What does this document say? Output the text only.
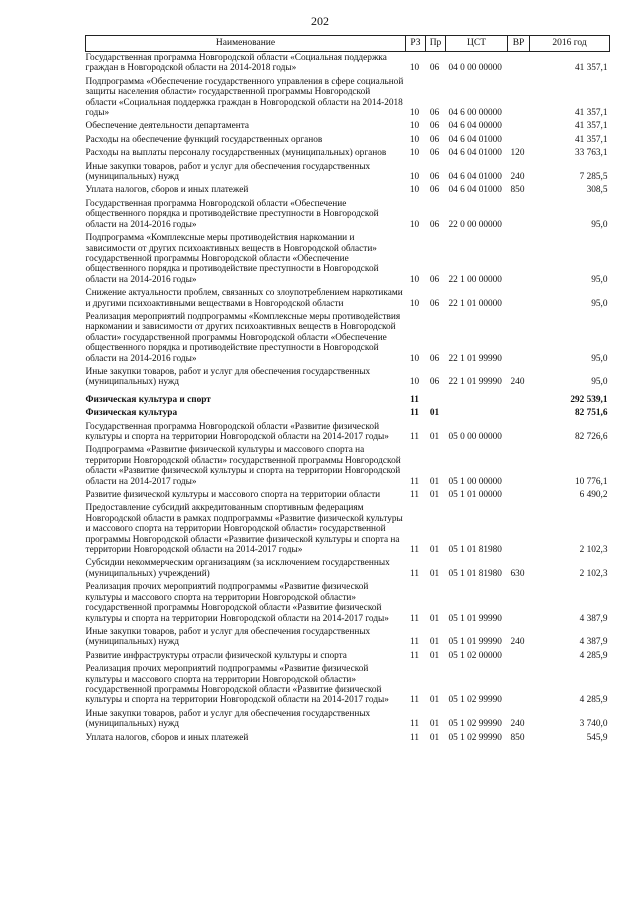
202
Наименование	РЗ	Пр	ЦСТ	ВР	2016 год
Государственная программа Новгородской области «Социальная поддержка граждан в Новгородской области на 2014-2018 годы»	10	06	04 0 00 00000		41 357,1
Подпрограмма «Обеспечение государственного управления в сфере социальной защиты населения области» государственной программы Новгородской области «Социальная поддержка граждан в Новгородской области на 2014-2018 годы»	10	06	04 6 00 00000		41 357,1
Обеспечение деятельности департамента	10	06	04 6 04 00000		41 357,1
Расходы на обеспечение функций государственных органов	10	06	04 6 04 01000		41 357,1
Расходы на выплаты персоналу государственных (муниципальных) органов	10	06	04 6 04 01000	120	33 763,1
Иные закупки товаров, работ и услуг для обеспечения государственных (муниципальных) нужд	10	06	04 6 04 01000	240	7 285,5
Уплата налогов, сборов и иных платежей	10	06	04 6 04 01000	850	308,5
Государственная программа Новгородской области «Обеспечение общественного порядка и противодействие преступности в Новгородской области на 2014-2016 годы»	10	06	22 0 00 00000		95,0
Подпрограмма «Комплексные меры противодействия наркомании и зависимости от других психоактивных веществ в Новгородской области» государственной программы Новгородской области «Обеспечение общественного порядка и противодействие преступности в Новгородской области на 2014-2016 годы»	10	06	22 1 00 00000		95,0
Снижение актуальности проблем, связанных со злоупотреблением наркотиками и другими психоактивными веществами в Новгородской области	10	06	22 1 01 00000		95,0
Реализация мероприятий подпрограммы «Комплексные меры противодействия наркомании и зависимости от других психоактивных веществ в Новгородской области» государственной программы Новгородской области «Обеспечение общественного порядка и противодействие преступности в Новгородской области на 2014-2016 годы»	10	06	22 1 01 99990		95,0
Иные закупки товаров, работ и услуг для обеспечения государственных (муниципальных) нужд	10	06	22 1 01 99990	240	95,0
Физическая культура и спорт	11				292 539,1
Физическая культура	11	01			82 751,6
Государственная программа Новгородской области «Развитие физической культуры и спорта на территории Новгородской области на 2014-2017 годы»	11	01	05 0 00 00000		82 726,6
Подпрограмма «Развитие физической культуры и массового спорта на территории Новгородской области» государственной программы Новгородской области «Развитие физической культуры и спорта на территории Новгородской области на 2014-2017 годы»	11	01	05 1 00 00000		10 776,1
Развитие физической культуры и массового спорта на территории области	11	01	05 1 01 00000		6 490,2
Предоставление субсидий аккредитованным спортивным федерациям Новгородской области в рамках подпрограммы «Развитие физической культуры и массового спорта на территории Новгородской области» государственной программы Новгородской области «Развитие физической культуры и спорта на территории Новгородской области на 2014-2017 годы»	11	01	05 1 01 81980		2 102,3
Субсидии некоммерческим организациям (за исключением государственных (муниципальных) учреждений)	11	01	05 1 01 81980	630	2 102,3
Реализация прочих мероприятий подпрограммы «Развитие физической культуры и массового спорта на территории Новгородской области» государственной программы Новгородской области «Развитие физической культуры и спорта на территории Новгородской области на 2014-2017 годы»	11	01	05 1 01 99990		4 387,9
Иные закупки товаров, работ и услуг для обеспечения государственных (муниципальных) нужд	11	01	05 1 01 99990	240	4 387,9
Развитие инфраструктуры отрасли физической культуры и спорта	11	01	05 1 02 00000		4 285,9
Реализация прочих мероприятий подпрограммы «Развитие физической культуры и массового спорта на территории Новгородской области» государственной программы Новгородской области «Развитие физической культуры и спорта на территории Новгородской области на 2014-2017 годы»	11	01	05 1 02 99990		4 285,9
Иные закупки товаров, работ и услуг для обеспечения государственных (муниципальных) нужд	11	01	05 1 02 99990	240	3 740,0
Уплата налогов, сборов и иных платежей	11	01	05 1 02 99990	850	545,9
